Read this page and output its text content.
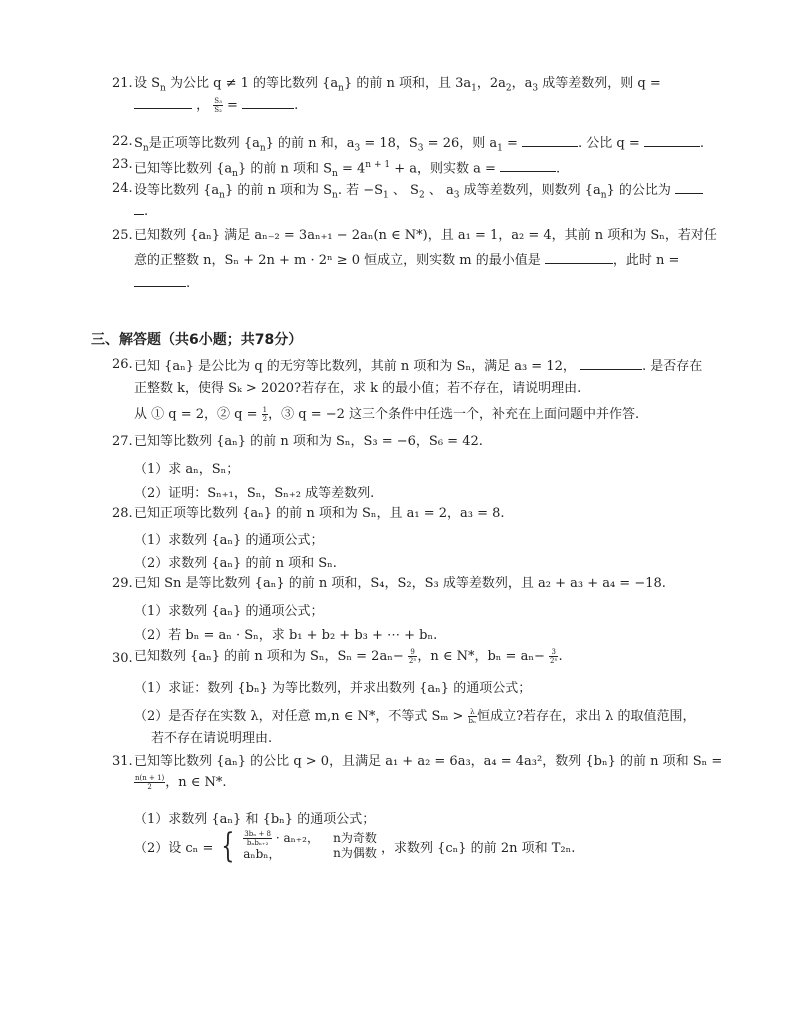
21. 设 $S_n$ 为公比 q ≠ 1 的等比数列 $\{a_n\}$ 的前 n 项和，且 $3a_1$，$2a_2$，$a_3$ 成等差数列，则 q =
， $\frac{\text{S₃}}{\text{S₂}}$ =	.
22. $S_n$是正项等比数列 $\{a_n\}$ 的前 n 和，$a_3 = 18$，$S_3 = 26$，则 $a_1$ =	. 公比 q =	.
23. 已知等比数列 $\{a_n\}$ 的前 n 项和 $S_n = 4^{n + 1} + a$，则实数 a =	.
24. 设等比数列 $\{a_n\}$ 的前 n 项和为 $S_n$. 若 $-S_1$ 、 $S_2$ 、 $a_3$ 成等差数列，则数列 $\{a_n\}$ 的公比为
.
25. 已知数列 {aₙ} 满足 aₙ₋₂ = 3aₙ₊₁ − 2aₙ(n ∈ N*)，且 a₁ = 1，a₂ = 4，其前 n 项和为 Sₙ，若对任
意的正整数 n，Sₙ + 2n + m · 2ⁿ ≥ 0 恒成立，则实数 m 的最小值是	，此时 n =
.
三、解答题（共6小题；共78分）
26. 已知 {aₙ} 是公比为 q 的无穷等比数列，其前 n 项和为 Sₙ，满足 a₃ = 12，	. 是否存在
正整数 k，使得 Sₖ > 2020?若存在，求 k 的最小值；若不存在，请说明理由.
从 ① q = 2，② $q = \frac{1}{2}$ ，③ q = −2 这三个条件中任选一个，补充在上面问题中并作答.
27. 已知等比数列 {aₙ} 的前 n 项和为 Sₙ，S₃ = −6，S₆ = 42.
（1）求 aₙ，Sₙ；
（2）证明：Sₙ₊₁，Sₙ，Sₙ₊₂ 成等差数列.
28. 已知正项等比数列 {aₙ} 的前 n 项和为 Sₙ，且 a₁ = 2，a₃ = 8.
（1）求数列 {aₙ} 的通项公式；
（2）求数列 {aₙ} 的前 n 项和 Sₙ.
29. 已知 Sn 是等比数列 {aₙ} 的前 n 项和，S₄，S₂，S₃ 成等差数列，且 a₂ + a₃ + a₄ = −18.
（1）求数列 {aₙ} 的通项公式；
（2）若 bₙ = aₙ · Sₙ，求 b₁ + b₂ + b₃ + ⋯ + bₙ.
30. 已知数列 {aₙ} 的前 n 项和为 Sₙ，$S_n = 2a_n- \frac{9}{\text{2ⁿ}}$ ，n ∈ N*，$b_n = a_n- \frac{3}{\text{2ⁿ}}$ .
（1）求证：数列 {bₙ} 为等比数列，并求出数列 {aₙ} 的通项公式；
（2）是否存在实数 λ，对任意 m,n ∈ N*，不等式 $S_m > \frac{\lambda}{\text{bₙ}}$ 恒成立?若存在，求出 λ 的取值范围，
若不存在请说明理由.
31. 已知等比数列 {aₙ} 的公比 q > 0，且满足 a₁ + a₂ = 6a₃，a₄ = 4a₃²，数列 {bₙ} 的前 n 项和 Sₙ =
$\frac{n(n + 1)}{2}$ ，n ∈ N*.
（1）求数列 {aₙ} 和 {bₙ} 的通项公式；
（2）设 cₙ = { $\frac{\text{3bₙ + 8}}{\text{bₙbₙ₊₂}} \cdot a_{n+2}$，
aₙbₙ，

n为奇数
n为偶数 ，求数列 {cₙ} 的前 2n 项和 T₂ₙ.
